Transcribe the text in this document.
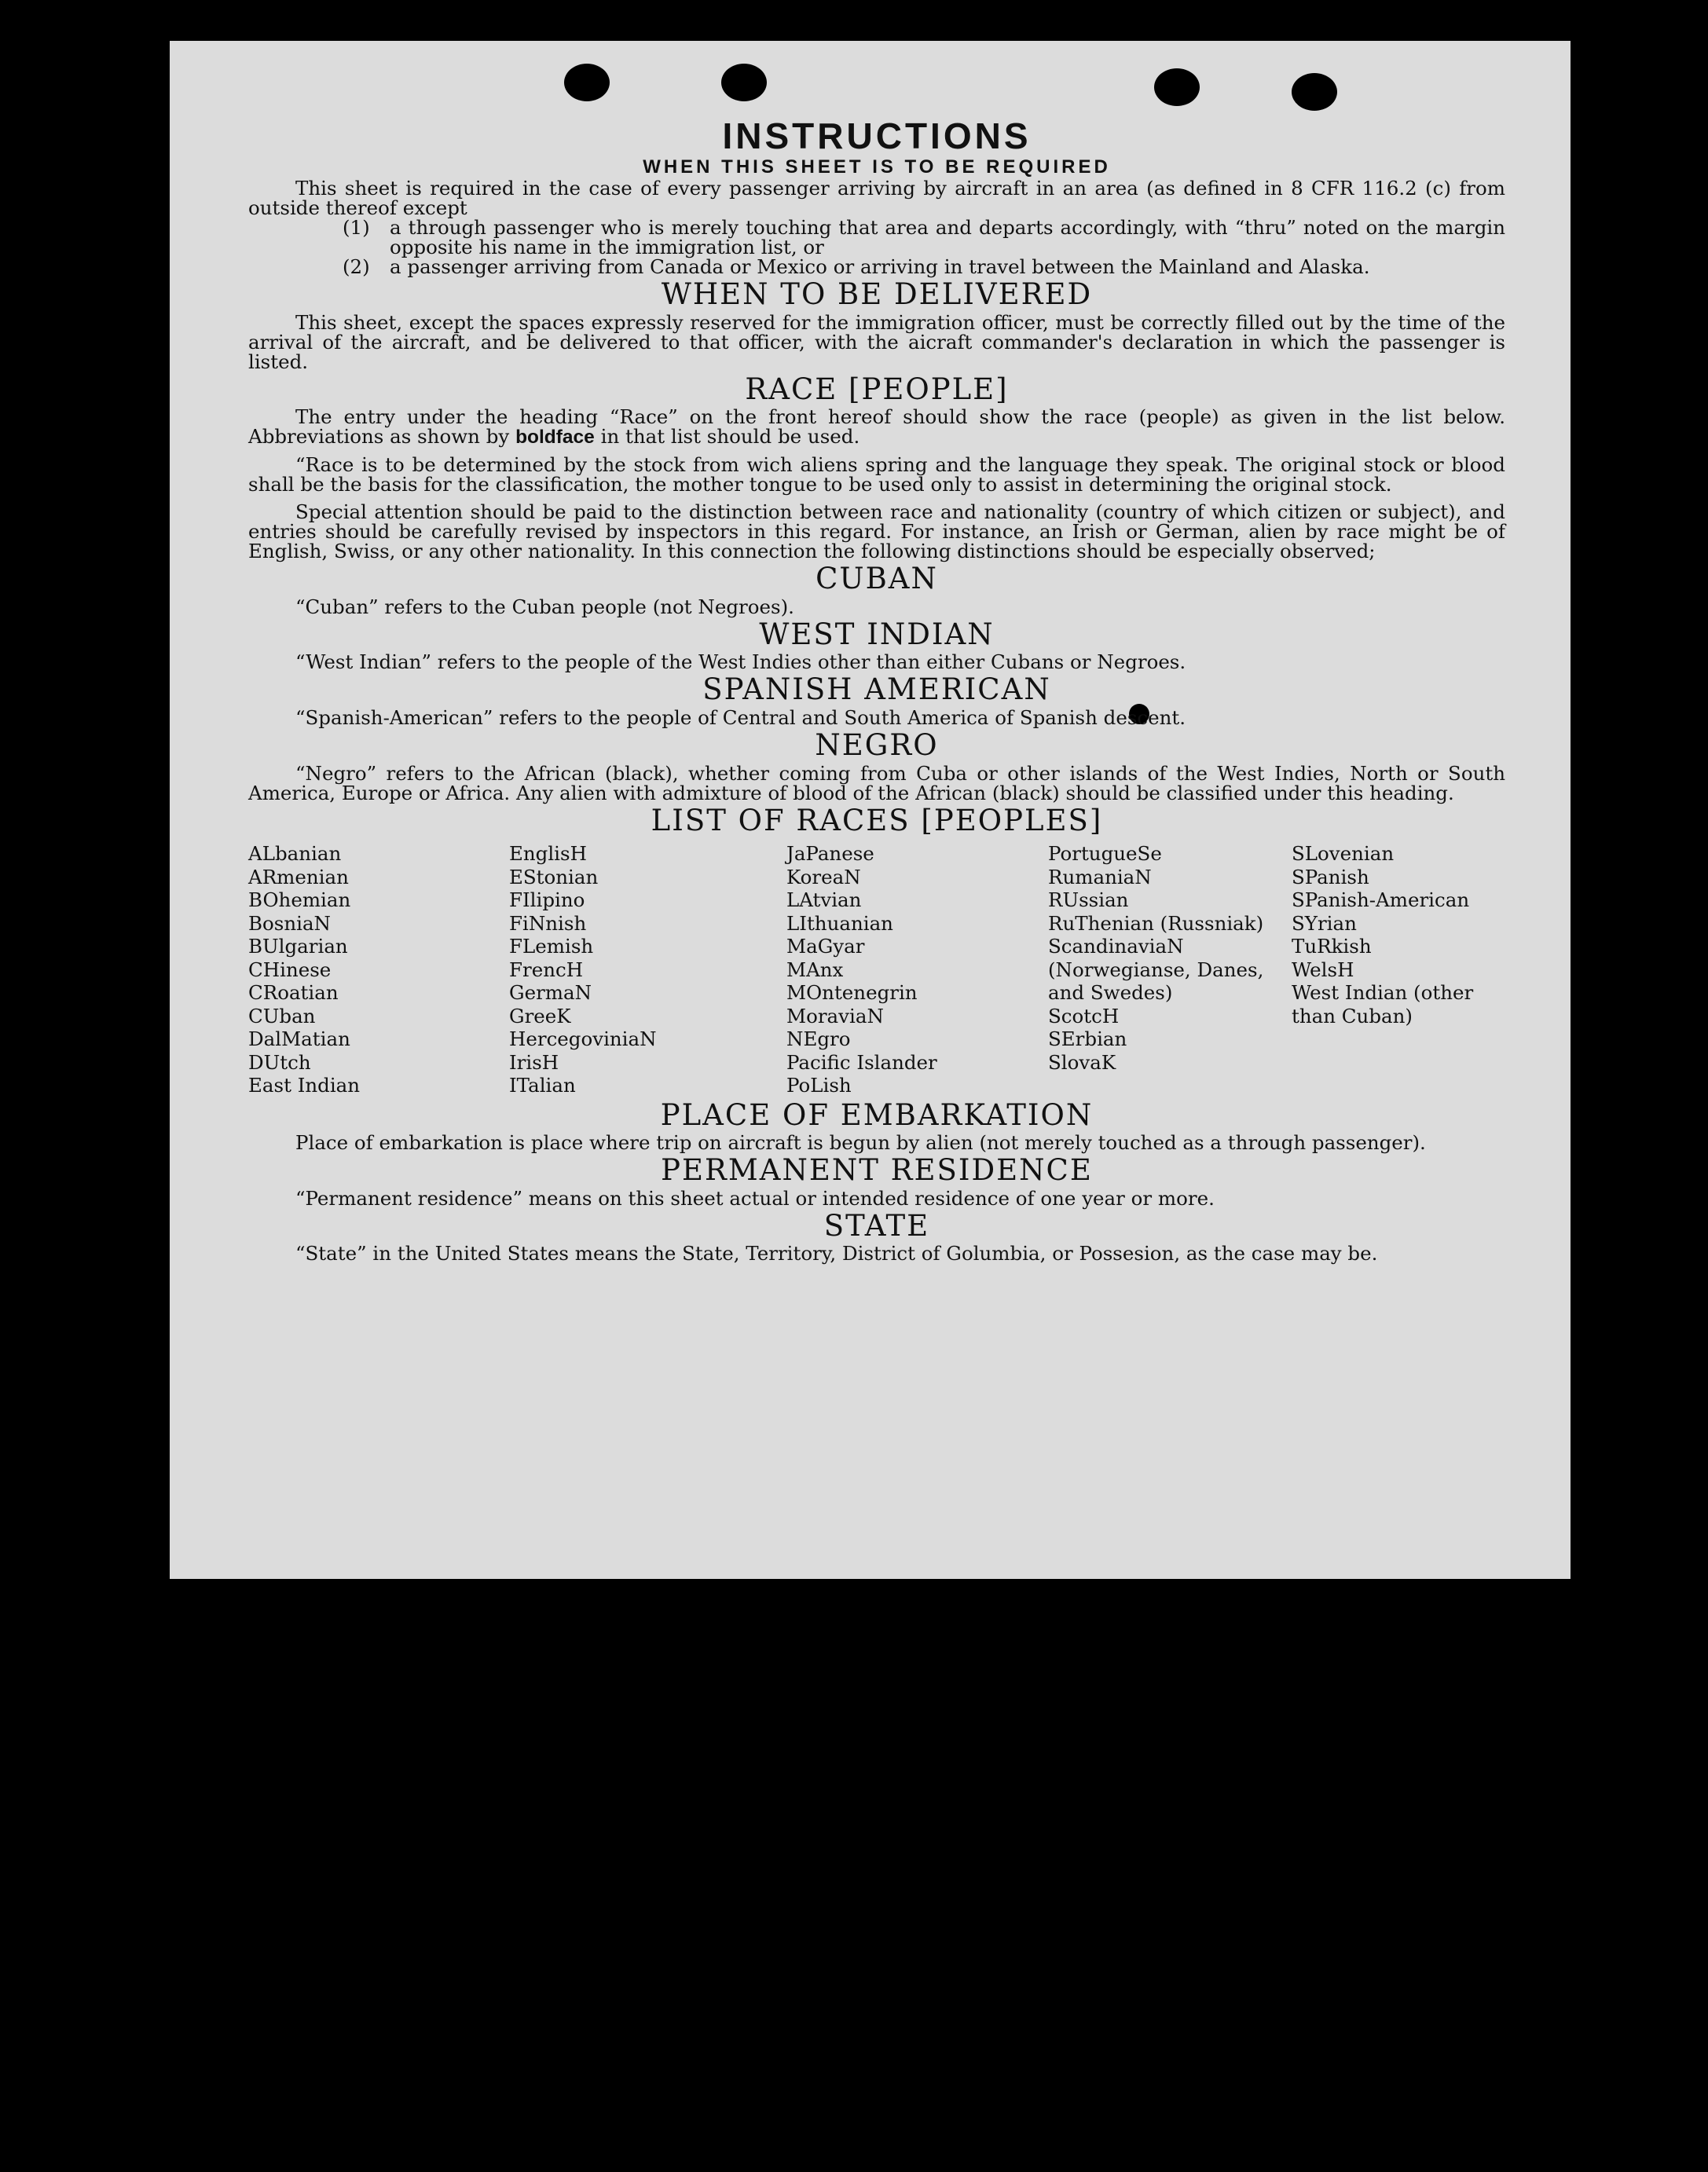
INSTRUCTIONS
WHEN THIS SHEET IS TO BE REQUIRED

This sheet is required in the case of every passenger arriving by aircraft in an area (as defined in 8 CFR 116.2 (c) from outside thereof except

(1)	a through passenger who is merely touching that area and departs accordingly, with “thru” noted on the margin opposite his name in the immigration list, or
(2)	a passenger arriving from Canada or Mexico or arriving in travel between the Mainland and Alaska.
WHEN TO BE DELIVERED

This sheet, except the spaces expressly reserved for the immigration officer, must be correctly filled out by the time of the arrival of the aircraft, and be delivered to that officer, with the aicraft commander's declaration in which the passenger is listed.

RACE [PEOPLE]

The entry under the heading “Race” on the front hereof should show the race (people) as given in the list below. Abbreviations as shown by boldface in that list should be used.

“Race is to be determined by the stock from wich aliens spring and the language they speak. The original stock or blood shall be the basis for the classification, the mother tongue to be used only to assist in determining the original stock.

Special attention should be paid to the distinction between race and nationality (country of which citizen or subject), and entries should be carefully revised by inspectors in this regard. For instance, an Irish or German, alien by race might be of English, Swiss, or any other nationality. In this connection the following distinctions should be especially observed;

CUBAN

“Cuban” refers to the Cuban people (not Negroes).

WEST INDIAN

“West Indian” refers to the people of the West Indies other than either Cubans or Negroes.

SPANISH AMERICAN

“Spanish-American” refers to the people of Central and South America of Spanish descent.

NEGRO

“Negro” refers to the African (black), whether coming from Cuba or other islands of the West Indies, North or South America, Europe or Africa. Any alien with admixture of blood of the African (black) should be classified under this heading.

LIST OF RACES [PEOPLES]
ALbanian
ARmenian
BOhemian
BosniaN
BUlgarian
CHinese
CRoatian
CUban
DalMatian
DUtch
East Indian
EnglisH
EStonian
FIlipino
FiNnish
FLemish
FrencH
GermaN
GreeK
HercegoviniaN
IrisH
ITalian
JaPanese
KoreaN
LAtvian
LIthuanian
MaGyar
MAnx
MOntenegrin
MoraviaN
NEgro
Pacific Islander
PoLish
PortugueSe
RumaniaN
RUssian
RuThenian (Russniak)
ScandinaviaN (Norwegianse, Danes, and Swedes)
ScotcH
SErbian
SlovaK
SLovenian
SPanish
SPanish-American
SYrian
TuRkish
WelsH
West Indian (other than Cuban)
PLACE OF EMBARKATION

Place of embarkation is place where trip on aircraft is begun by alien (not merely touched as a through passenger).

PERMANENT RESIDENCE

“Permanent residence” means on this sheet actual or intended residence of one year or more.

STATE

“State” in the United States means the State, Territory, District of Golumbia, or Possesion, as the case may be.
